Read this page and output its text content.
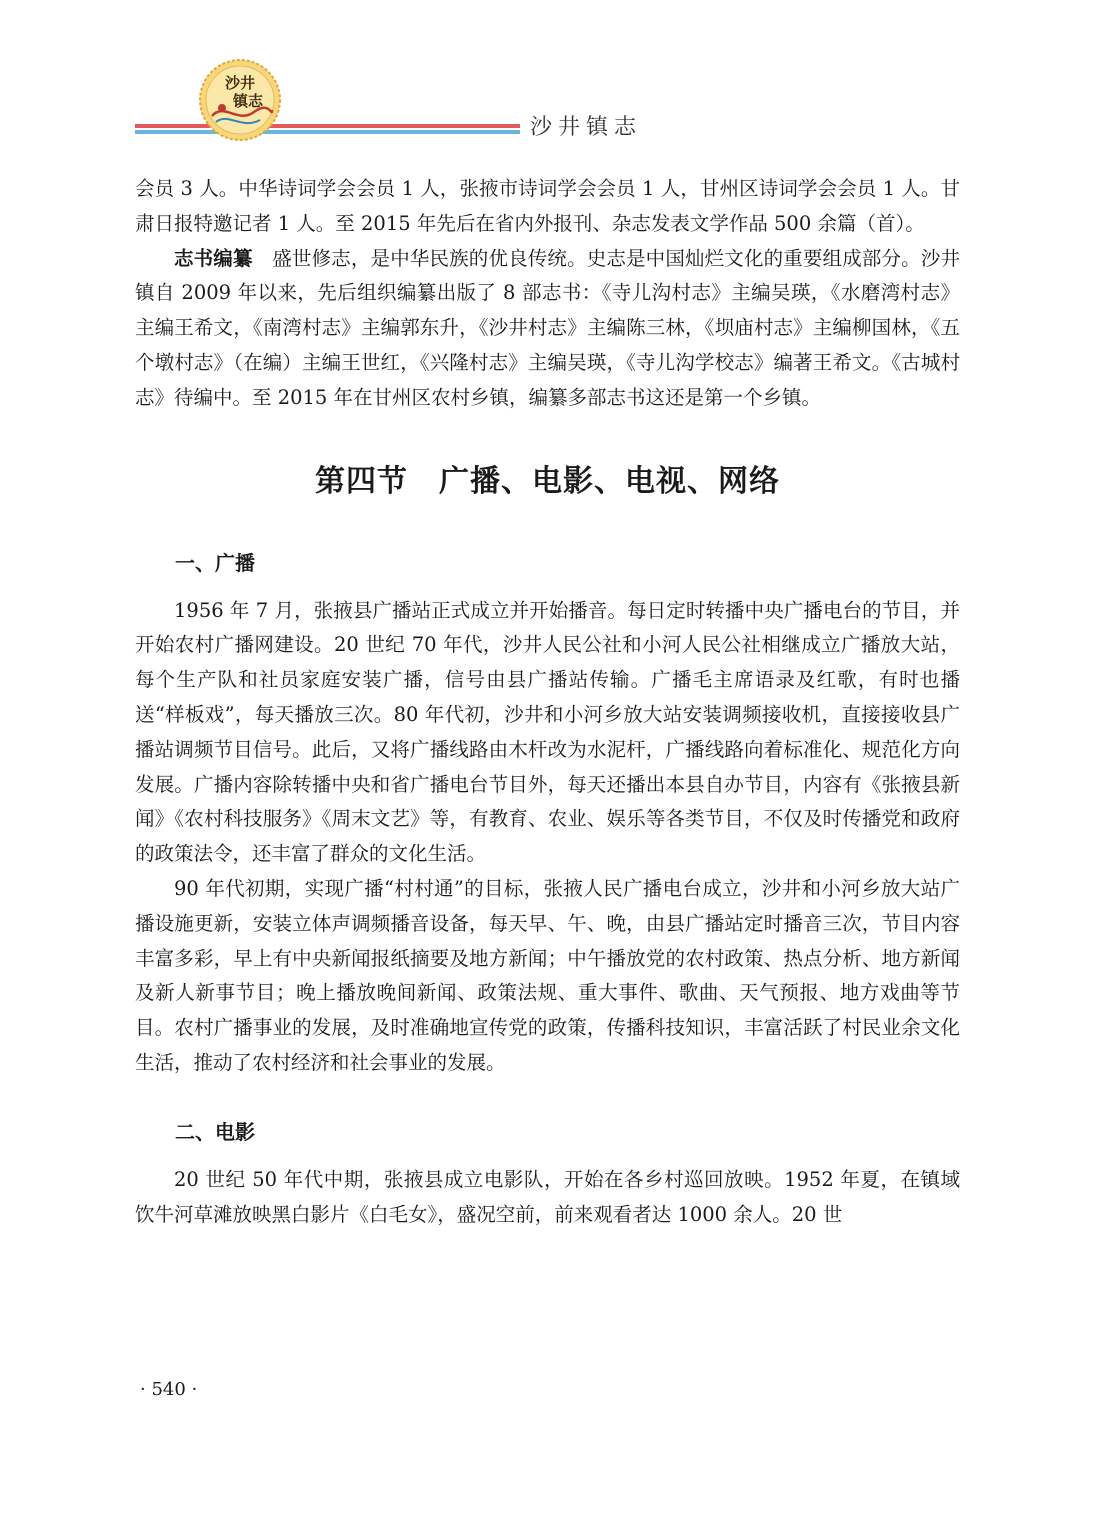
沙井
镇志
沙井镇志

会员 3 人。中华诗词学会会员 1 人，张掖市诗词学会会员 1 人，甘州区诗词学会会员 1 人。甘肃日报特邀记者 1 人。至 2015 年先后在省内外报刊、杂志发表文学作品 500 余篇（首）。

志书编纂　 盛世修志，是中华民族的优良传统。史志是中国灿烂文化的重要组成部分。沙井镇自 2009 年以来，先后组织编纂出版了 8 部志书：《寺儿沟村志》主编吴瑛，《水磨湾村志》主编王希文，《南湾村志》主编郭东升，《沙井村志》主编陈三林，《坝庙村志》主编柳国林，《五个墩村志》（在编）主编王世红，《兴隆村志》主编吴瑛，《寺儿沟学校志》编著王希文。《古城村志》待编中。至 2015 年在甘州区农村乡镇，编纂多部志书这还是第一个乡镇。

第四节　广播、电影、电视、网络
一、广播

1956 年 7 月，张掖县广播站正式成立并开始播音。每日定时转播中央广播电台的节目，并开始农村广播网建设。20 世纪 70 年代，沙井人民公社和小河人民公社相继成立广播放大站，每个生产队和社员家庭安装广播，信号由县广播站传输。广播毛主席语录及红歌，有时也播送“样板戏”，每天播放三次。80 年代初，沙井和小河乡放大站安装调频接收机，直接接收县广播站调频节目信号。此后，又将广播线路由木杆改为水泥杆，广播线路向着标准化、规范化方向发展。广播内容除转播中央和省广播电台节目外，每天还播出本县自办节目，内容有《张掖县新闻》《农村科技服务》《周末文艺》等，有教育、农业、娱乐等各类节目，不仅及时传播党和政府的政策法令，还丰富了群众的文化生活。

90 年代初期，实现广播“村村通”的目标，张掖人民广播电台成立，沙井和小河乡放大站广播设施更新，安装立体声调频播音设备，每天早、午、晚，由县广播站定时播音三次，节目内容丰富多彩，早上有中央新闻报纸摘要及地方新闻；中午播放党的农村政策、热点分析、地方新闻及新人新事节目；晚上播放晚间新闻、政策法规、重大事件、歌曲、天气预报、地方戏曲等节目。农村广播事业的发展，及时准确地宣传党的政策，传播科技知识，丰富活跃了村民业余文化生活，推动了农村经济和社会事业的发展。

二、电影

20 世纪 50 年代中期，张掖县成立电影队，开始在各乡村巡回放映。1952 年夏，在镇域饮牛河草滩放映黑白影片《白毛女》，盛况空前，前来观看者达 1000 余人。20 世

· 540 ·
